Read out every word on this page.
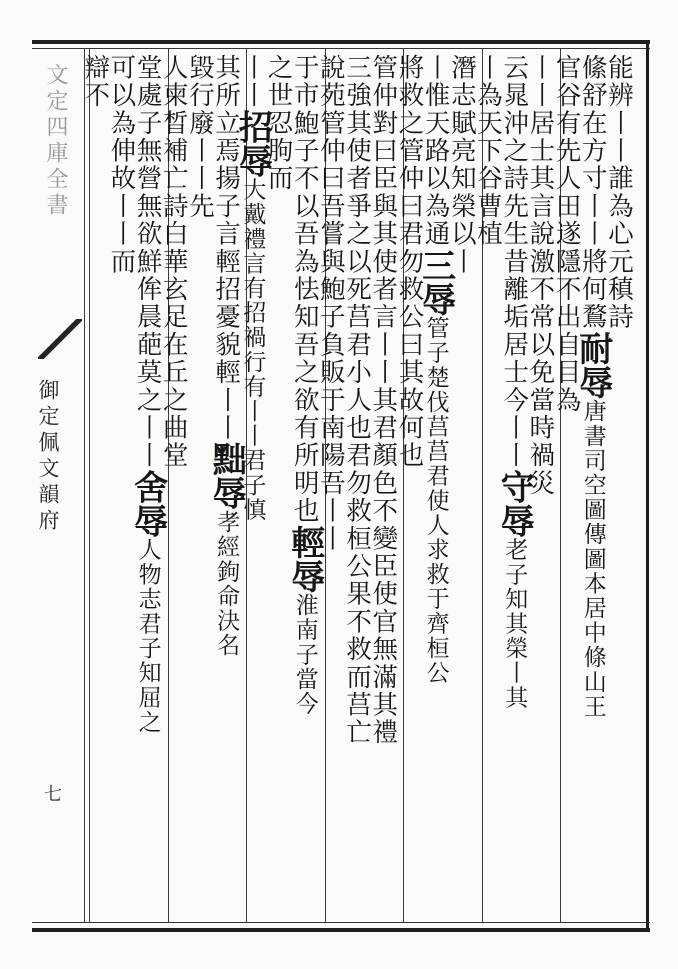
文定四庫全書
御定佩文韻府
七
能辨丨丨誰為心元稹詩
絛舒在方寸丨丨將何鶩耐辱唐書司空圖傳圖本居中條山王
官谷有先人田遂隱不出自目為
丨丨居士其言說激不常以免當時禍災
云晁沖之詩先生昔離垢居士今丨丨守辱老子知其榮丨其
丨為天下谷曹植
潛志賦亮知榮以丨
丨惟天路以為通三辱管子楚伐莒莒君使人求救于齊桓公
將救之管仲曰君勿救公曰其故何也
管仲對曰臣與其使者言丨丨其君顏色不變臣使官無滿其禮
三強其使者爭之以死莒君小人也君勿救桓公果不救而莒亡
說苑管仲曰吾嘗與鮑子負販于南陽吾丨丨
于市鮑子不以吾為怯知吾之欲有所明也輕辱淮南子當今
之世忍朐而
丨丨招辱大戴禮言有招禍行有丨丨君子慎
其所立焉揚子言輕招憂貌輕丨丨黜辱孝經鉤命決名
毀行廢丨丨先
人柬晳補亡詩白華玄足在丘之曲堂
堂處子無營無欲鮮侔晨葩莫之丨丨舍辱人物志君子知屈之
可以為伸故丨丨而
辯不
